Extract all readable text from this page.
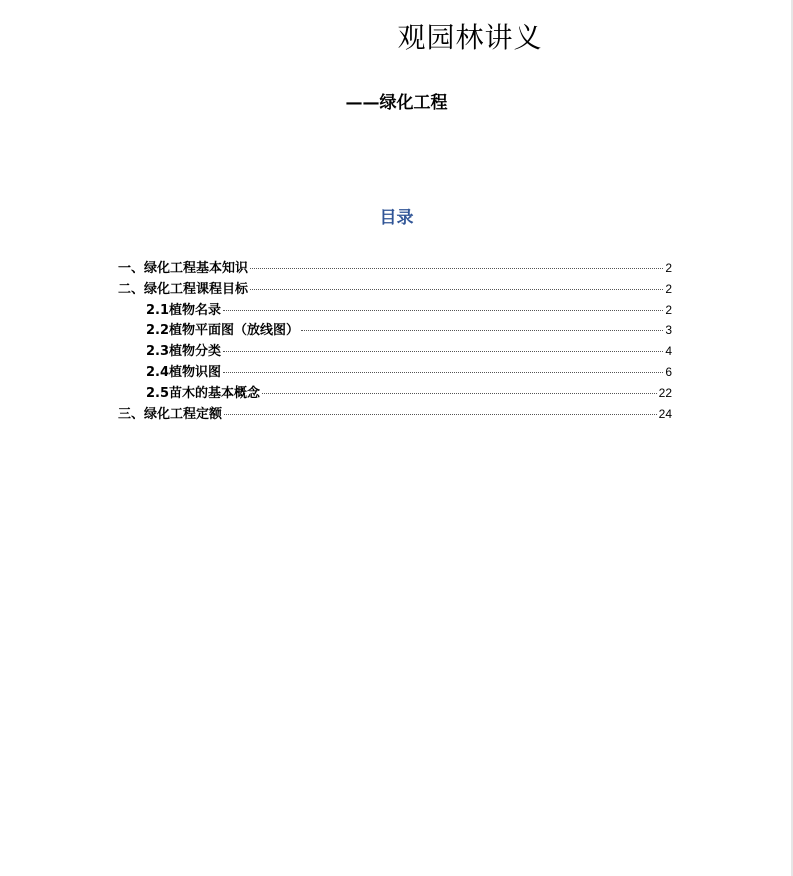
观园林讲义
——绿化工程
目录
一、绿化工程基本知识	2
二、绿化工程课程目标	2
2.1植物名录	2
2.2植物平面图（放线图）	3
2.3植物分类	4
2.4植物识图	6
2.5苗木的基本概念	22
三、绿化工程定额	24
